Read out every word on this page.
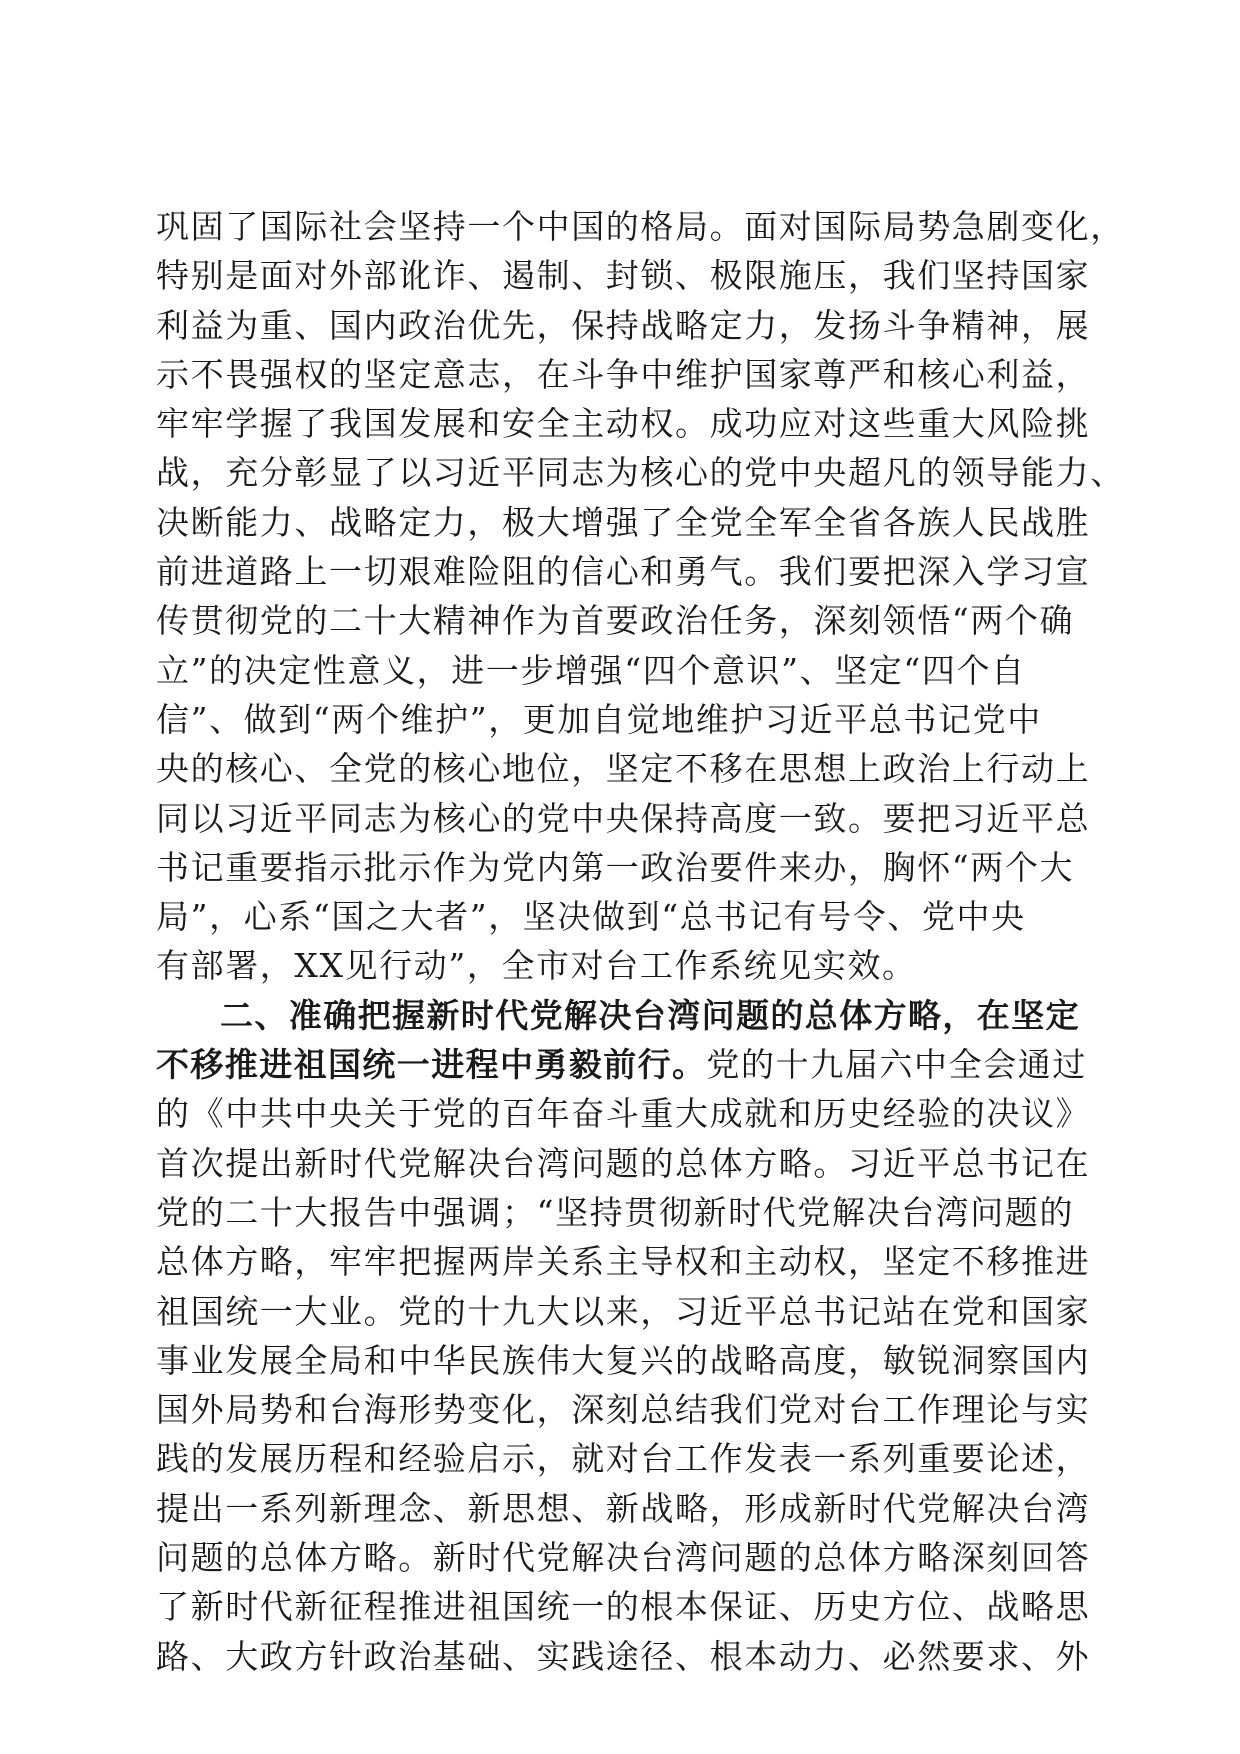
巩固了国际社会坚持一个中国的格局。面对国际局势急剧变化，
特别是面对外部讹诈、遏制、封锁、极限施压，我们坚持国家
利益为重、国内政治优先，保持战略定力，发扬斗争精神，展
示不畏强权的坚定意志，在斗争中维护国家尊严和核心利益，
牢牢学握了我国发展和安全主动权。成功应对这些重大风险挑
战，充分彰显了以习近平同志为核心的党中央超凡的领导能力、
决断能力、战略定力，极大增强了全党全军全省各族人民战胜
前进道路上一切艰难险阻的信心和勇气。我们要把深入学习宣
传贯彻党的二十大精神作为首要政治任务，深刻领悟“两个确
立”的决定性意义，进一步增强“四个意识”、坚定“四个自
信”、做到“两个维护”，更加自觉地维护习近平总书记党中
央的核心、全党的核心地位，坚定不移在思想上政治上行动上
同以习近平同志为核心的党中央保持高度一致。要把习近平总
书记重要指示批示作为党内第一政治要件来办，胸怀“两个大
局”，心系“国之大者”，坚决做到“总书记有号令、党中央
有部署，XX见行动”，全市对台工作系统见实效。
二、准确把握新时代党解决台湾问题的总体方略，在坚定
不移推进祖国统一进程中勇毅前行。党的十九届六中全会通过
的《中共中央关于党的百年奋斗重大成就和历史经验的决议》
首次提出新时代党解决台湾问题的总体方略。习近平总书记在
党的二十大报告中强调；“坚持贯彻新时代党解决台湾问题的
总体方略，牢牢把握两岸关系主导权和主动权，坚定不移推进
祖国统一大业。党的十九大以来，习近平总书记站在党和国家
事业发展全局和中华民族伟大复兴的战略高度，敏锐洞察国内
国外局势和台海形势变化，深刻总结我们党对台工作理论与实
践的发展历程和经验启示，就对台工作发表一系列重要论述，
提出一系列新理念、新思想、新战略，形成新时代党解决台湾
问题的总体方略。新时代党解决台湾问题的总体方略深刻回答
了新时代新征程推进祖国统一的根本保证、历史方位、战略思
路、大政方针政治基础、实践途径、根本动力、必然要求、外
